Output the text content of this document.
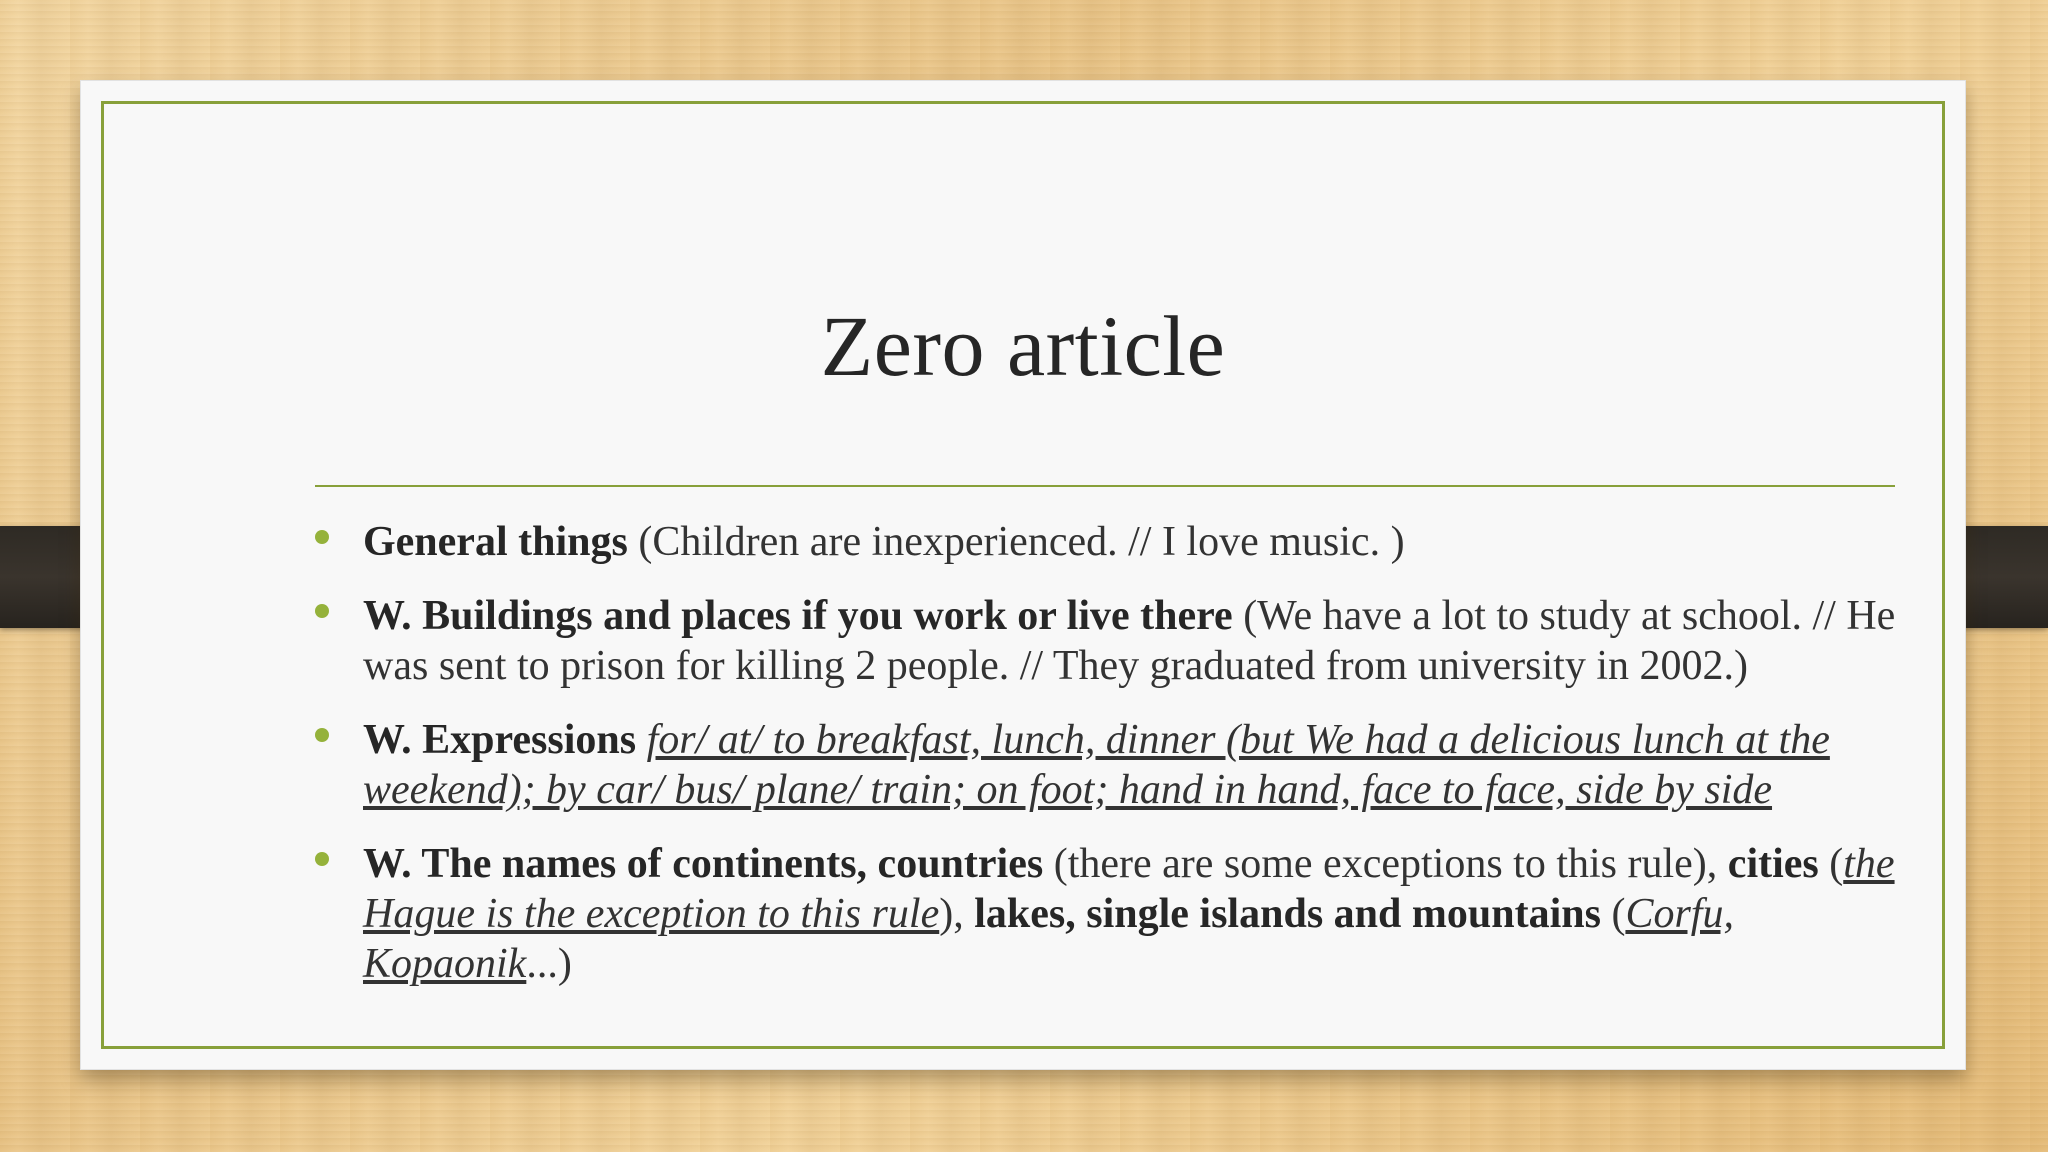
Zero article
General things (Children are inexperienced. // I love music. )
W. Buildings and places if you work or live there (We have a lot to study at school. // He was sent to prison for killing 2 people. // They graduated from university in 2002.)
W. Expressions for/ at/ to breakfast, lunch, dinner (but We had a delicious lunch at the weekend); by car/ bus/ plane/ train; on foot; hand in hand, face to face, side by side
W. The names of continents, countries (there are some exceptions to this rule), cities (the Hague is the exception to this rule), lakes, single islands and mountains (Corfu, Kopaonik...)
